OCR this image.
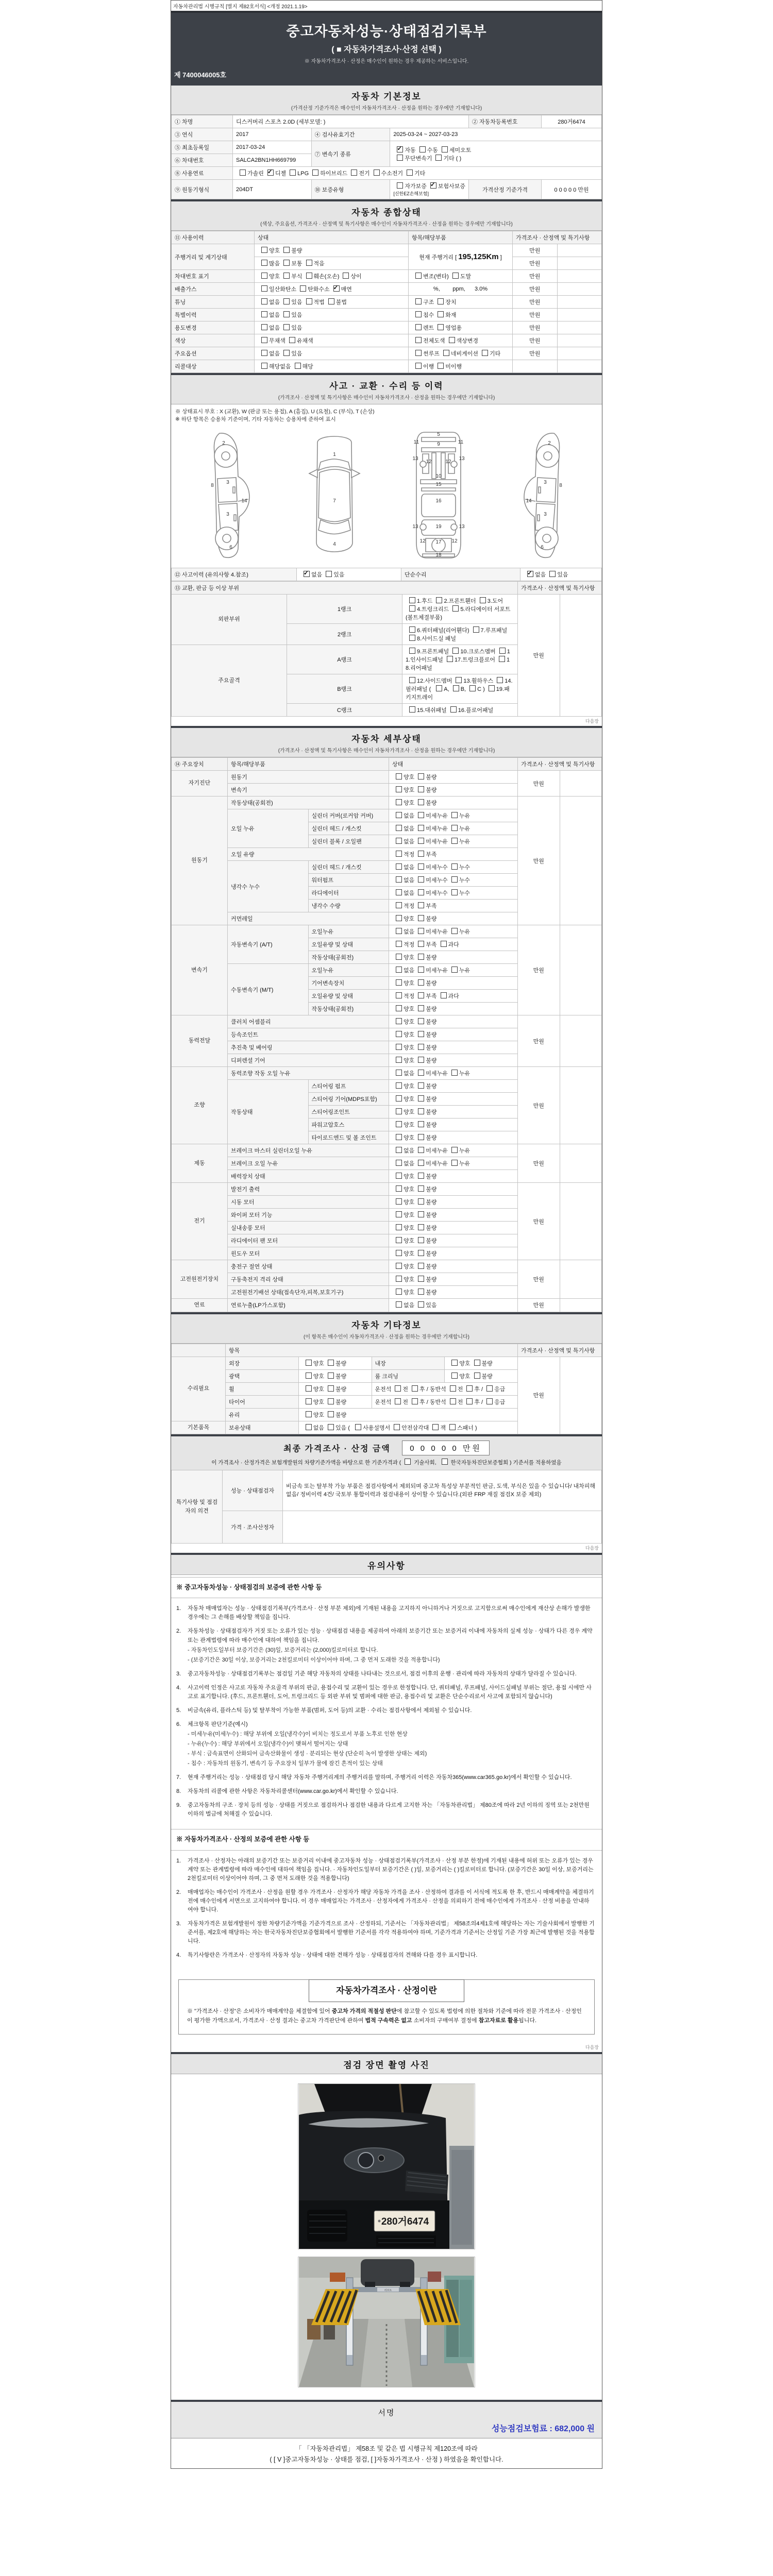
자동차관리법 시행규칙 [별지 제82호서식] <개정 2021.1.19>
중고자동차성능·상태점검기록부
( ■ 자동차가격조사·산정 선택 )
※ 자동차가격조사 · 산정은 매수인이 원하는 경우 제공하는 서비스입니다.
제 7400046005호
자동차 기본정보
(가격산정 기준가격은 매수인이 자동차가격조사 · 산정을 원하는 경우에만 기재합니다)
① 차명	디스커버리 스포츠 2.0D (세부모델: )			② 자동차등록번호	280거6474
③ 연식	2017	④ 검사유효기간	2025-03-24 ~ 2027-03-23		
⑤ 최초등록일	2017-03-24	⑦ 변속기 종류	✓자동 수동 세미오토
무단변속기 기타 ( )
⑥ 차대번호	SALCA2BN1HH669799				
⑧ 사용연료	가솔린 ✓ 디젤 LPG 하이브리드 전기 수소전기 기타
⑨ 원동기형식	204DT	⑩ 보증유형	자가보증 ✓ 보험사보증 [신한EZ손해보험]	가격산정 기준가격	0 0 0 0 0 만원
자동차 종합상태
(색상, 주요옵션, 가격조사 · 산정액 및 특기사항은 매수인이 자동차가격조사 · 산정을 원하는 경우에만 기재합니다)
⑪ 사용이력	상태	항목/해당부품	가격조사 · 산정액 및 특기사항	
주행거리 및 계기상태	양호 불량	현재 주행거리 [ 195,125Km ]	만원	
	많음 보통 적음		만원	
차대번호 표기	양호 부식 훼손(오손) 상이	변조(변타) 도말	만원	
배출가스	일산화탄소 탄화수소 ✓ 매연	%,        ppm,      3.0%	만원	
튜닝	없음 있음 적법 불법	구조 장치	만원	
특별이력	없음 있음	침수 화재	만원	
용도변경	없음 있음	렌트 영업용	만원	
색상	무채색 유채색	전체도색 색상변경	만원	
주요옵션	없음 있음	썬루프 네비게이션 기타	만원	
리콜대상	해당없음 해당	이행 미이행		
사고 · 교환 · 수리 등 이력
(가격조사 · 산정액 및 특기사항은 매수인이 자동차가격조사 · 산정을 원하는 경우에만 기재합니다)
※ 상태표시 부호 : X (교환), W (판금 또는 용접), A (흠집), U (요철), C (부식), T (손상)
※ 하단 항목은 승용차 기준이며, 기타 자동차는 승용차에 준하여 표시
2
8
3
14
3
6
1
7
4
5
9
11	11
13	13
12	12
10
15
16
13	13
19
12	12
17
18
2
8
3
14
3
6
⑫ 사고이력 (유의사항 4.참조)	✓없음 있음	단순수리	✓없음 있음
⑬ 교환, 판금 등 이상 부위			가격조사 · 산정액 및 특기사항	
외판부위	1랭크	1.후드 2.프론트휀더 3.도어4.트렁크리드 5.라디에이터 서포트(볼트체결부품)	만원	
	2랭크	6.쿼터패널(리어휀다) 7.루프패널8.사이드실 패널		
주요골격	A랭크	9.프론트패널 10.크로스멤버 11.인사이드패널 17.트렁크플로어 18.리어패널		
	B랭크	12.사이드멤버 13.휠하우스 14.필러패널 ( A, B, C ) 19.패키지트레이		
	C랭크	15.대쉬패널 16.플로어패널		
다음장
자동차 세부상태
(가격조사 · 산정액 및 특기사항은 매수인이 자동차가격조사 · 산정을 원하는 경우에만 기재합니다)
⑭ 주요장치	항목/해당부품		상태	가격조사 · 산정액 및 특기사항	
자기진단	원동기		양호 불량	만원	
	변속기		양호 불량		
원동기	작동상태(공회전)		양호 불량	만원	
	오일 누유	실린더 커버(로커암 커버)	없음 미세누유 누유		
		실린더 헤드 / 개스킷	없음 미세누유 누유		
		실린더 블록 / 오일팬	없음 미세누유 누유		
	오일 유량		적정 부족		
	냉각수 누수	실린더 헤드 / 개스킷	없음 미세누수 누수		
		워터펌프	없음 미세누수 누수		
		라디에이터	없음 미세누수 누수		
		냉각수 수량	적정 부족		
	커먼레일		양호 불량		
변속기	자동변속기 (A/T)	오일누유	없음 미세누유 누유	만원	
		오일유량 및 상태	적정 부족 과다		
		작동상태(공회전)	양호 불량		
	수동변속기 (M/T)	오일누유	없음 미세누유 누유		
		기어변속장치	양호 불량		
		오일유량 및 상태	적정 부족 과다		
		작동상태(공회전)	양호 불량		
동력전달	클러치 어셈블리		양호 불량	만원	
	등속조인트		양호 불량		
	추진축 및 베어링		양호 불량		
	디퍼렌셜 기어		양호 불량		
조향	동력조향 작동 오일 누유		없음 미세누유 누유	만원	
	작동상태	스티어링 펌프	양호 불량		
		스티어링 기어(MDPS포함)	양호 불량		
		스티어링조인트	양호 불량		
		파워고압호스	양호 불량		
		타이로드엔드 및 볼 조인트	양호 불량		
제동	브레이크 마스터 실린더오일 누유		없음 미세누유 누유	만원	
	브레이크 오일 누유		없음 미세누유 누유		
	배력장치 상태		양호 불량		
전기	발전기 출력		양호 불량	만원	
	시동 모터		양호 불량		
	와이퍼 모터 기능		양호 불량		
	실내송풍 모터		양호 불량		
	라디에이터 팬 모터		양호 불량		
	윈도우 모터		양호 불량		
고전원전기장치	충전구 절연 상태		양호 불량	만원	
	구동축전지 격리 상태		양호 불량		
	고전원전기배선 상태(접속단자,피복,보호기구)		양호 불량		
연료	연료누출(LP가스포함)		없음 있음	만원	
자동차 기타정보
(이 항목은 매수인이 자동차가격조사 · 산정을 원하는 경우에만 기재합니다)
	항목				가격조사 · 산정액 및 특기사항	
수리필요	외장	양호 불량	내장	양호 불량	만원	
	광택	양호 불량	룸 크리닝	양호 불량		
	휠	양호 불량	운전석 전 후 / 동반석 전 후 / 응급			
	타이어	양호 불량	운전석 전 후 / 동반석 전 후 / 응급			
	유리	양호 불량				
기본품목	보유상태	없음 있음 ( 사용설명서 안전삼각대 잭 스패너 )				
최종 가격조사 · 산정 금액 0 0 0 0 0 만원
이 가격조사 · 산정가격은 보험개발원의 차량기준가액을 바탕으로 한 기준가격과 ( 기술사회,  한국자동차진단보증협회 ) 기준서를 적용하였음
특기사항 및 점검자의 의견	성능 · 상태점검자	비금속 또는 탈부착 가능 부품은 점검사항에서 제외되며 중고차 특성상 부분적인 판금, 도색, 부식은 있을 수 있습니다/ 내차피해 없음/ 정비이력 4건/ 국토부 통합이력과 점검내용이 상이할 수 있습니다.(외판 FRP 재질 점검X 보증 제외)
	가격 · 조사산정자	
다음장
유의사항
※ 중고자동차성능 · 상태점검의 보증에 관한 사항 등
1.	자동차 매매업자는 성능 · 상태점검기록부(가격조사 · 산정 부분 제외)에 기재된 내용을 고지하지 아니하거나 거짓으로 고지함으로써 매수인에게 재산상 손해가 발생한 경우에는 그 손해를 배상할 책임을 집니다.
2.	자동차성능 · 상태점검자가 거짓 또는 오류가 있는 성능 · 상태점검 내용을 제공하여 아래의 보증기간 또는 보증거리 이내에 자동차의 실제 성능 · 상태가 다른 경우 계약 또는 관계법령에 따라 매수인에 대하여 책임을 집니다.
- 자동차인도일부터 보증기간은 (30)일, 보증거리는 (2,000)킬로미터로 합니다.
- (보증기간은 30일 이상, 보증거리는 2천킬로미터 이상이어야 하며, 그 중 먼저 도래한 것을 적용합니다)
3.	중고자동차성능 · 상태점검기록부는 점검일 기준 해당 자동차의 상태를 나타내는 것으로서, 점검 이후의 운행 · 관리에 따라 자동차의 상태가 달라질 수 있습니다.
4.	사고이력 인정은 사고로 자동차 주요골격 부위의 판금, 용접수리 및 교환이 있는 경우로 한정합니다. 단, 쿼터패널, 루프패널, 사이드실패널 부위는 절단, 용접 시에만 사고로 표기합니다. (후드, 프론트휀더, 도어, 트렁크리드 등 외판 부위 및 범퍼에 대한 판금, 용접수리 및 교환은 단순수리로서 사고에 포함되지 않습니다)
5.	비금속(유리, 플라스틱 등) 및 탈부착이 가능한 부품(범퍼, 도어 등)의 교환 · 수리는 점검사항에서 제외될 수 있습니다.
6.	체크항목 판단기준(예시)
- 미세누유(미세누수) : 해당 부위에 오일(냉각수)이 비치는 정도로서 부품 노후로 인한 현상
- 누유(누수) : 해당 부위에서 오일(냉각수)이 맺혀서 떨어지는 상태
- 부식 : 금속표면이 산화되어 금속산화물이 생성 · 분리되는 현상 (단순히 녹이 발생한 상태는 제외)
- 침수 : 자동차의 원동기, 변속기 등 주요장치 일부가 물에 잠긴 흔적이 있는 상태
7.	현재 주행거리는 성능 · 상태점검 당시 해당 자동차 주행거리계의 주행거리를 말하며, 주행거리 이력은 자동차365(www.car365.go.kr)에서 확인할 수 있습니다.
8.	자동차의 리콜에 관한 사항은 자동차리콜센터(www.car.go.kr)에서 확인할 수 있습니다.
9.	중고자동차의 구조 · 장치 등의 성능 · 상태를 거짓으로 점검하거나 점검한 내용과 다르게 고지한 자는 「자동차관리법」 제80조에 따라 2년 이하의 징역 또는 2천만원 이하의 벌금에 처해질 수 있습니다.
※ 자동차가격조사 · 산정의 보증에 관한 사항 등
1.	가격조사 · 산정자는 아래의 보증기간 또는 보증거리 이내에 중고자동차 성능 · 상태점검기록부(가격조사 · 산정 부분 한정)에 기재된 내용에 허위 또는 오류가 있는 경우 계약 또는 관계법령에 따라 매수인에 대하여 책임을 집니다. · 자동차인도일부터 보증기간은 ( )일, 보증거리는 ( )킬로미터로 합니다. (보증기간은 30일 이상, 보증거리는 2천킬로미터 이상이어야 하며, 그 중 먼저 도래한 것을 적용합니다)
2.	매매업자는 매수인이 가격조사 · 산정을 원할 경우 가격조사 · 산정자가 해당 자동차 가격을 조사 · 산정하여 결과를 이 서식에 적도록 한 후, 반드시 매매계약을 체결하기 전에 매수인에게 서면으로 고지하여야 합니다. 이 경우 매매업자는 가격조사 · 산정자에게 가격조사 · 산정을 의뢰하기 전에 매수인에게 가격조사 · 산정 비용을 안내하여야 합니다.
3.	자동차가격은 보험개발원이 정한 차량기준가액을 기준가격으로 조사 · 산정하되, 기준서는 「자동차관리법」 제58조의4제1호에 해당하는 자는 기술사회에서 발행한 기준서를, 제2호에 해당하는 자는 한국자동차진단보증협회에서 발행한 기준서를 각각 적용하여야 하며, 기준가격과 기준서는 산정일 기준 가장 최근에 발행된 것을 적용합니다.
4.	특기사항란은 가격조사 · 산정자의 자동차 성능 · 상태에 대한 견해가 성능 · 상태점검자의 견해와 다를 경우 표시합니다.
자동차가격조사 · 산정이란

※ "가격조사 · 산정"은 소비자가 매매계약을 체결함에 있어 중고차 가격의 적절성 판단에 참고할 수 있도록 법령에 의한 절차와 기준에 따라 전문 가격조사 · 산정인이 평가한 가액으로서, 가격조사 · 산정 결과는 중고차 가격판단에 관하여 법적 구속력은 없고 소비자의 구매여부 결정에 참고자료로 활용됩니다.

다음장
점검 장면 촬영 사진
280거6474
리프트
서명
성능점검보험료 : 682,000 원
「 「자동차관리법」 제58조 및 같은 법 시행규칙 제120조에 따라
( [ V ]중고자동차성능 · 상태를 점검, [ ]자동차가격조사 · 산정 ) 하였음을 확인합니다.
